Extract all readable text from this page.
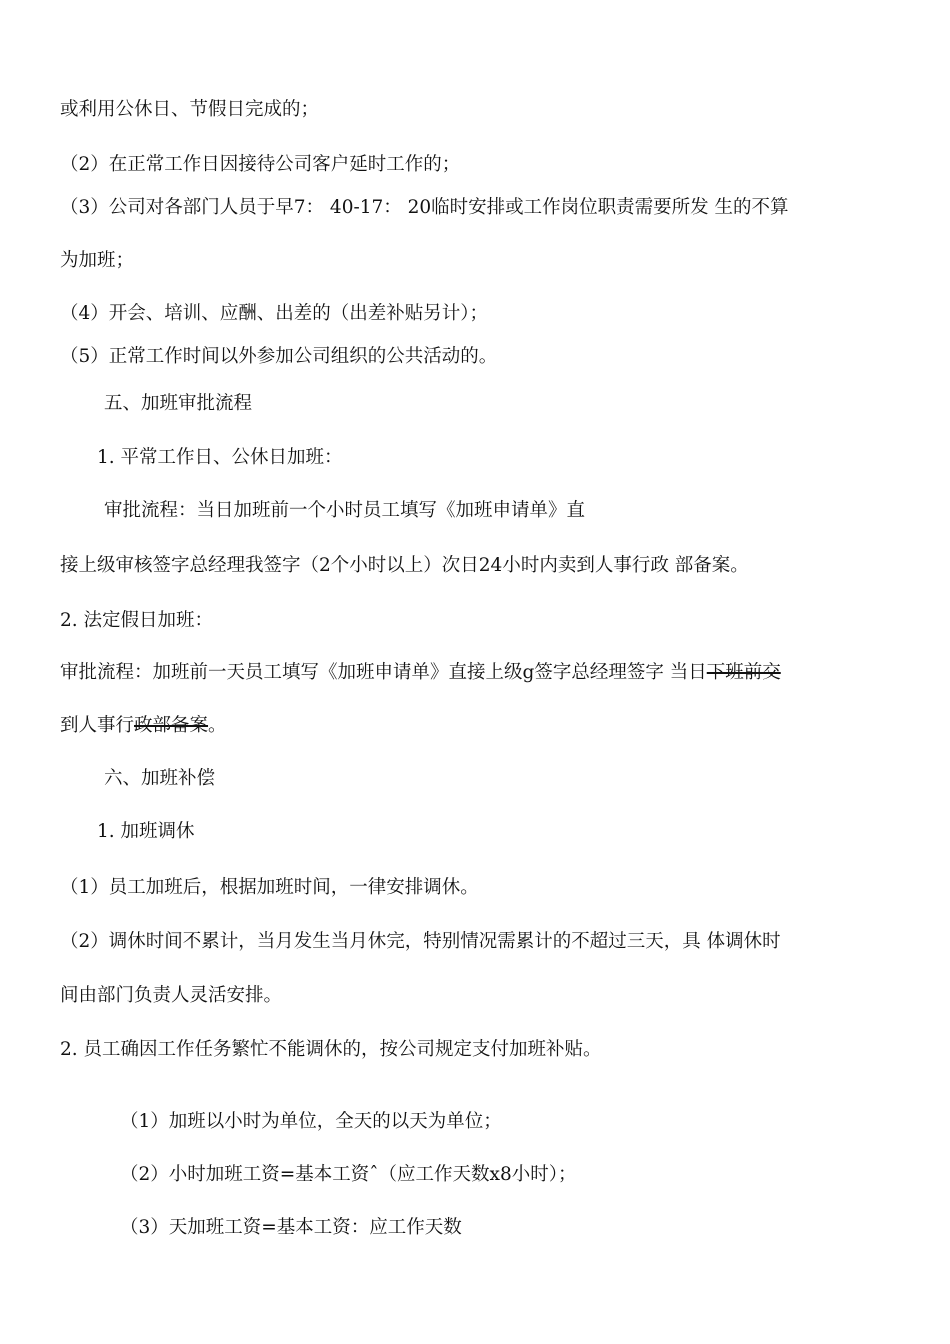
或利用公休日、节假日完成的；
（2）在正常工作日因接待公司客户延时工作的；
（3）公司对各部门人员于早7： 40-17： 20临时安排或工作岗位职责需要所发 生的不算
为加班；
（4）开会、培训、应酬、出差的（出差补贴另计）；
（5）正常工作时间以外参加公司组织的公共活动的。
五、加班审批流程
1. 平常工作日、公休日加班：
审批流程：当日加班前一个小时员工填写《加班申请单》直
接上级审核签字总经理我签字（2个小时以上）次日24小时内卖到人事行政 部备案。
2. 法定假日加班：
审批流程：加班前一天员工填写《加班申请单》直接上级g签字总经理签字 当日下班前交
到人事行政部备案。
六、加班补偿
1. 加班调休
（1）员工加班后，根据加班时间，一律安排调休。
（2）调休时间不累计，当月发生当月休完，特别情况需累计的不超过三天，具 体调休时
间由部门负责人灵活安排。
2. 员工确因工作任务繁忙不能调休的，按公司规定支付加班补贴。
（1）加班以小时为单位，全天的以天为单位；
（2）小时加班工资=基本工资ˆ（应工作天数x8小时）；
（3）天加班工资=基本工资：应工作天数
